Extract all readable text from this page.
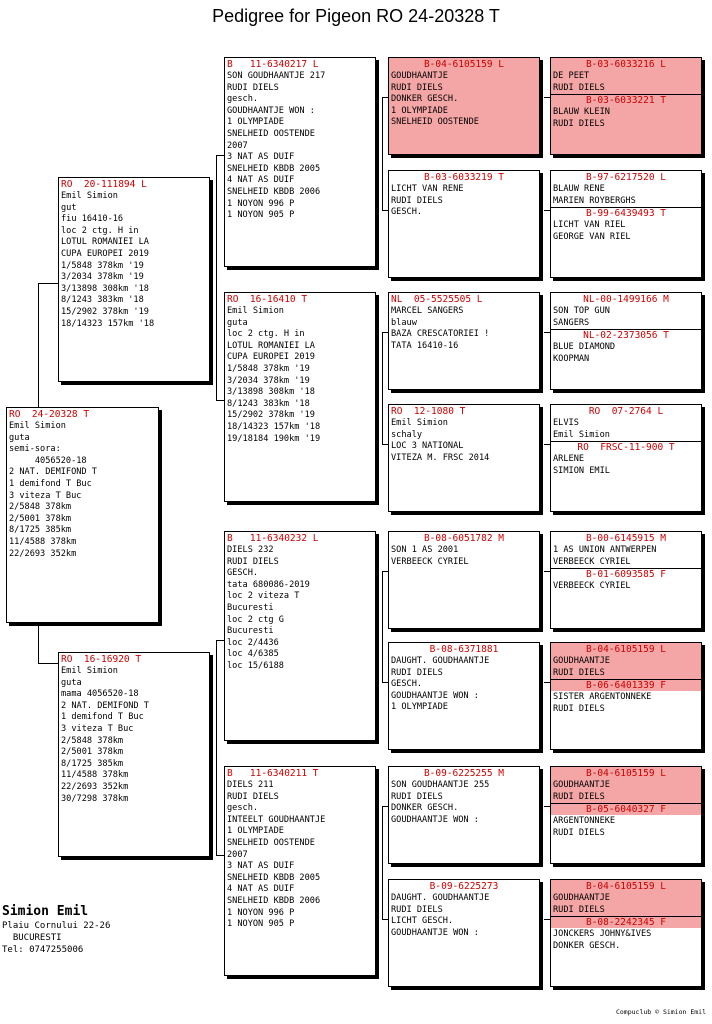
Pedigree for Pigeon RO 24-20328 T
RO  24-20328 T
Emil Simion
guta
semi-sora:
4056520-18
2 NAT. DEMIFOND T
1 demifond T Buc
3 viteza T Buc
2/5848 378km
2/5001 378km
8/1725 385km
11/4588 378km
22/2693 352km
RO  20-111894 L
Emil Simion
gut
fiu 16410-16
loc 2 ctg. H in
LOTUL ROMANIEI LA
CUPA EUROPEI 2019
1/5848 378km '19
3/2034 378km '19
3/13898 308km '18
8/1243 383km '18
15/2902 378km '19
18/14323 157km '18
RO  16-16920 T
Emil Simion
guta
mama 4056520-18
2 NAT. DEMIFOND T
1 demifond T Buc
3 viteza T Buc
2/5848 378km
2/5001 378km
8/1725 385km
11/4588 378km
22/2693 352km
30/7298 378km
B   11-6340217 L
SON GOUDHAANTJE 217
RUDI DIELS
gesch.
GOUDHAANTJE WON :
1 OLYMPIADE
SNELHEID OOSTENDE
2007
3 NAT AS DUIF
SNELHEID KBDB 2005
4 NAT AS DUIF
SNELHEID KBDB 2006
1 NOYON 996 P
1 NOYON 905 P
RO  16-16410 T
Emil Simion
guta
loc 2 ctg. H in
LOTUL ROMANIEI LA
CUPA EUROPEI 2019
1/5848 378km '19
3/2034 378km '19
3/13898 308km '18
8/1243 383km '18
15/2902 378km '19
18/14323 157km '18
19/18184 190km '19
B   11-6340232 L
DIELS 232
RUDI DIELS
GESCH.
tata 680086-2019
loc 2 viteza T
Bucuresti
loc 2 ctg G
Bucuresti
loc 2/4436
loc 4/6385
loc 15/6188
B   11-6340211 T
DIELS 211
RUDI DIELS
gesch.
INTEELT GOUDHAANTJE
1 OLYMPIADE
SNELHEID OOSTENDE
2007
3 NAT AS DUIF
SNELHEID KBDB 2005
4 NAT AS DUIF
SNELHEID KBDB 2006
1 NOYON 996 P
1 NOYON 905 P
B-04-6105159 L
GOUDHAANTJE
RUDI DIELS
DONKER GESCH.
1 OLYMPIADE
SNELHEID OOSTENDE
B-03-6033219 T
LICHT VAN RENE
RUDI DIELS
GESCH.
NL  05-5525505 L
MARCEL SANGERS
blauw
BAZA CRESCATORIEI !
TATA 16410-16
RO  12-1080 T
Emil Simion
schaly
LOC 3 NATIONAL
VITEZA M. FRSC 2014
B-08-6051782 M
SON 1 AS 2001
VERBEECK CYRIEL
B-08-6371881
DAUGHT. GOUDHAANTJE
RUDI DIELS
GESCH.
GOUDHAANTJE WON :
1 OLYMPIADE
B-09-6225255 M
SON GOUDHAANTJE 255
RUDI DIELS
DONKER GESCH.
GOUDHAANTJE WON :
B-09-6225273
DAUGHT. GOUDHAANTJE
RUDI DIELS
LICHT GESCH.
GOUDHAANTJE WON :
B-03-6033216 L
DE PEET
RUDI DIELS
B-03-6033221 T
BLAUW KLEIN
RUDI DIELS
B-97-6217520 L
BLAUW RENE
MARIEN ROYBERGHS
B-99-6439493 T
LICHT VAN RIEL
GEORGE VAN RIEL
NL-00-1499166 M
SON TOP GUN
SANGERS
NL-02-2373056 T
BLUE DIAMOND
KOOPMAN
RO  07-2764 L
ELVIS
Emil Simion
RO  FRSC-11-900 T
ARLENE
SIMION EMIL
B-00-6145915 M
1 AS UNION ANTWERPEN
VERBEECK CYRIEL
B-01-6093585 F
VERBEECK CYRIEL
B-04-6105159 L
GOUDHAANTJE
RUDI DIELS
B-06-6401339 F
SISTER ARGENTONNEKE
RUDI DIELS
B-04-6105159 L
GOUDHAANTJE
RUDI DIELS
B-05-6040327 F
ARGENTONNEKE
RUDI DIELS
B-04-6105159 L
GOUDHAANTJE
RUDI DIELS
B-08-2242345 F
JONCKERS JOHNY&IVES
DONKER GESCH.
Simion Emil
Plaiu Cornului 22-26
BUCURESTI
Tel: 0747255006
Compuclub © Simion Emil
